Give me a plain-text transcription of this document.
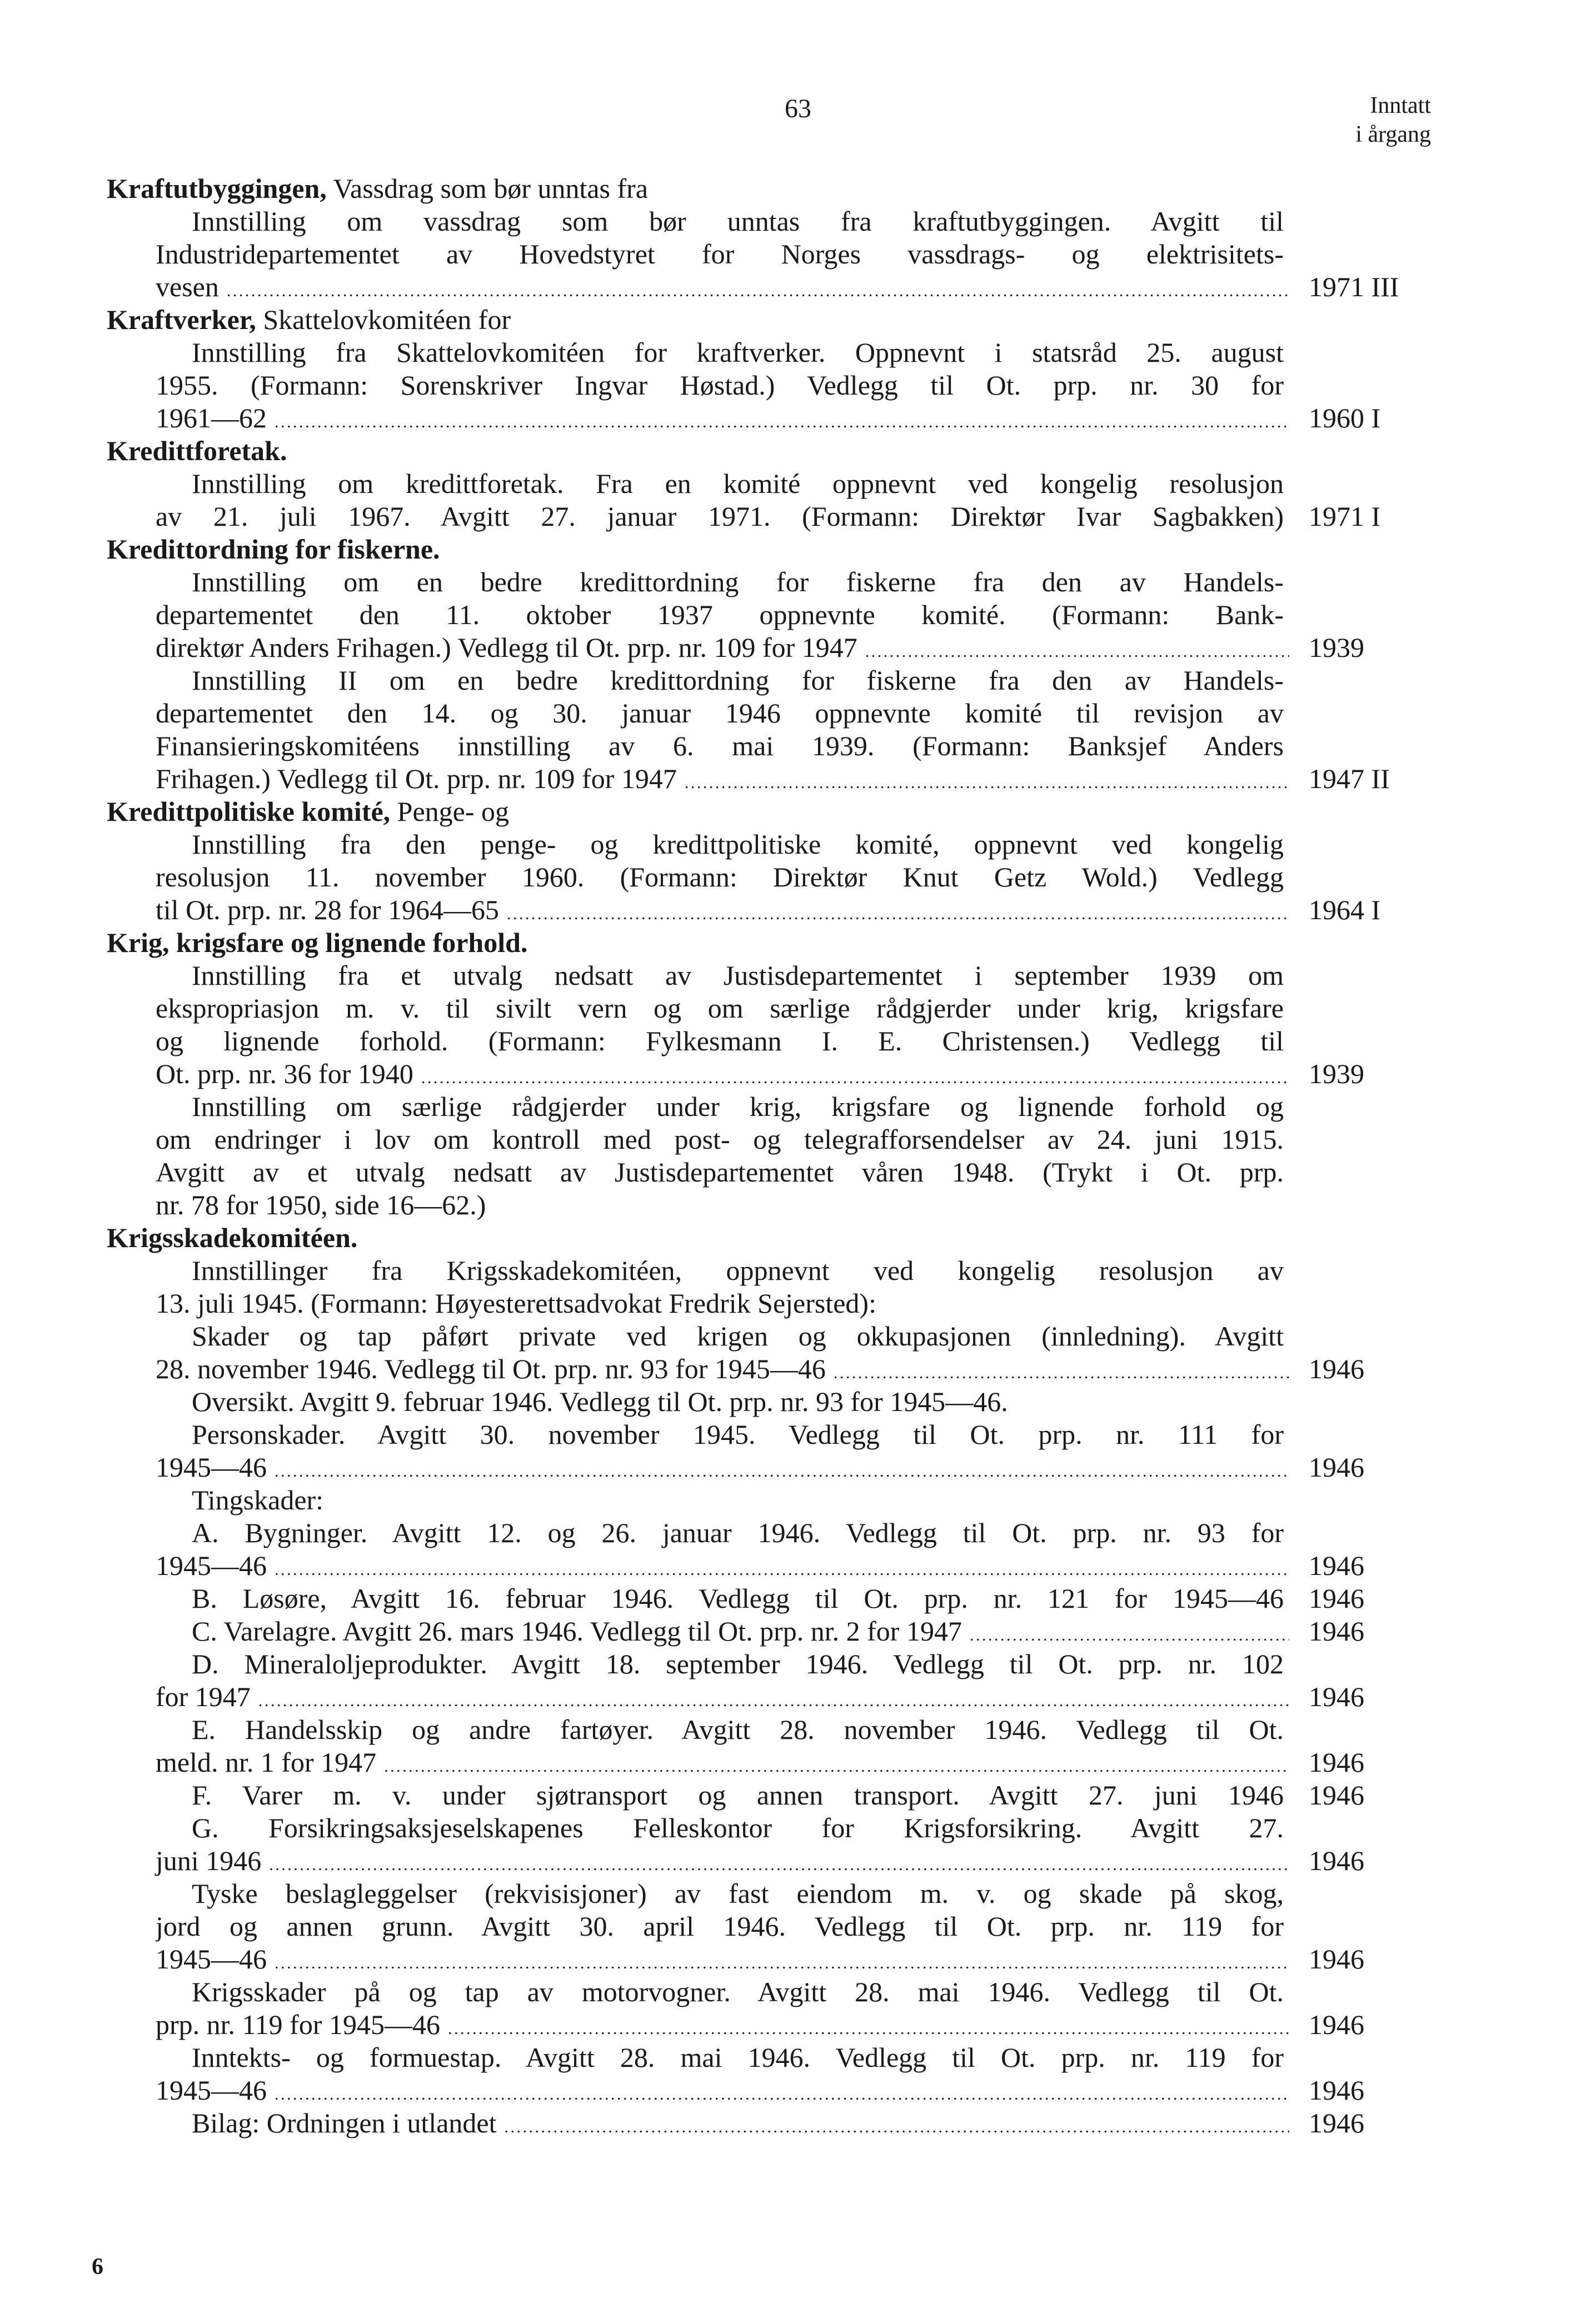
63	Inntatt
i årgang
Kraftutbyggingen, Vassdrag som bør unntas fra
Innstilling om vassdrag som bør unntas fra kraftutbyggingen. Avgitt til
Industridepartementet av Hovedstyret for Norges vassdrags- og elektrisitets-
vesen . . .	1971 III
Kraftverker, Skattelovkomitéen for
Innstilling fra Skattelovkomitéen for kraftverker. Oppnevnt i statsråd 25. august
1955. (Formann: Sorenskriver Ingvar Høstad.) Vedlegg til Ot. prp. nr. 30 for
1961—62 . . .	1960 I
Kredittforetak.
Innstilling om kredittforetak. Fra en komité oppnevnt ved kongelig resolusjon
av 21. juli 1967. Avgitt 27. januar 1971. (Formann: Direktør Ivar Sagbakken) 1971 I
Kredittordning for fiskerne.
Innstilling om en bedre kredittordning for fiskerne fra den av Handels-
departementet den 11. oktober 1937 oppnevnte komité. (Formann: Bank-
direktør Anders Frihagen.) Vedlegg til Ot. prp. nr. 109 for 1947 . . .	1939
Innstilling II om en bedre kredittordning for fiskerne fra den av Handels-
departementet den 14. og 30. januar 1946 oppnevnte komité til revisjon av
Finansieringskomitéens innstilling av 6. mai 1939. (Formann: Banksjef Anders
Frihagen.) Vedlegg til Ot. prp. nr. 109 for 1947 . . .	1947 II
Kredittpolitiske komité, Penge- og
Innstilling fra den penge- og kredittpolitiske komité, oppnevnt ved kongelig
resolusjon 11. november 1960. (Formann: Direktør Knut Getz Wold.) Vedlegg
til Ot. prp. nr. 28 for 1964—65 . . .	1964 I
Krig, krigsfare og lignende forhold.
Innstilling fra et utvalg nedsatt av Justisdepartementet i september 1939 om
ekspropriasjon m. v. til sivilt vern og om særlige rådgjerder under krig, krigsfare
og lignende forhold. (Formann: Fylkesmann I. E. Christensen.) Vedlegg til
Ot. prp. nr. 36 for 1940 . . .	1939
Innstilling om særlige rådgjerder under krig, krigsfare og lignende forhold og
om endringer i lov om kontroll med post- og telegrafforsendelser av 24. juni 1915.
Avgitt av et utvalg nedsatt av Justisdepartementet våren 1948. (Trykt i Ot. prp.
nr. 78 for 1950, side 16—62.)
Krigsskadekomitéen.
Innstillinger fra Krigsskadekomitéen, oppnevnt ved kongelig resolusjon av
13. juli 1945. (Formann: Høyesterettsadvokat Fredrik Sejersted):
Skader og tap påført private ved krigen og okkupasjonen (innledning). Avgitt
28. november 1946. Vedlegg til Ot. prp. nr. 93 for 1945—46 . . .	1946
Oversikt. Avgitt 9. februar 1946. Vedlegg til Ot. prp. nr. 93 for 1945—46.
Personskader. Avgitt 30. november 1945. Vedlegg til Ot. prp. nr. 111 for
1945—46 . . .	1946
Tingskader:
A. Bygninger. Avgitt 12. og 26. januar 1946. Vedlegg til Ot. prp. nr. 93 for
1945—46 . . .	1946
B. Løsøre, Avgitt 16. februar 1946. Vedlegg til Ot. prp. nr. 121 for 1945—46 1946
C. Varelagre. Avgitt 26. mars 1946. Vedlegg til Ot. prp. nr. 2 for 1947 . . .	1946
D. Mineraloljeprodukter. Avgitt 18. september 1946. Vedlegg til Ot. prp. nr. 102
for 1947 . . .	1946
E. Handelsskip og andre fartøyer. Avgitt 28. november 1946. Vedlegg til Ot.
meld. nr. 1 for 1947 . . .	1946
F. Varer m. v. under sjøtransport og annen transport. Avgitt 27. juni 1946 1946
G. Forsikringsaksjeselskapenes Felleskontor for Krigsforsikring. Avgitt 27.
juni 1946 . . .	1946
Tyske beslagleggelser (rekvisisjoner) av fast eiendom m. v. og skade på skog,
jord og annen grunn. Avgitt 30. april 1946. Vedlegg til Ot. prp. nr. 119 for
1945—46 . . .	1946
Krigsskader på og tap av motorvogner. Avgitt 28. mai 1946. Vedlegg til Ot.
prp. nr. 119 for 1945—46 . . .	1946
Inntekts- og formuestap. Avgitt 28. mai 1946. Vedlegg til Ot. prp. nr. 119 for
1945—46 . . .	1946
Bilag: Ordningen i utlandet . . .	1946
6
